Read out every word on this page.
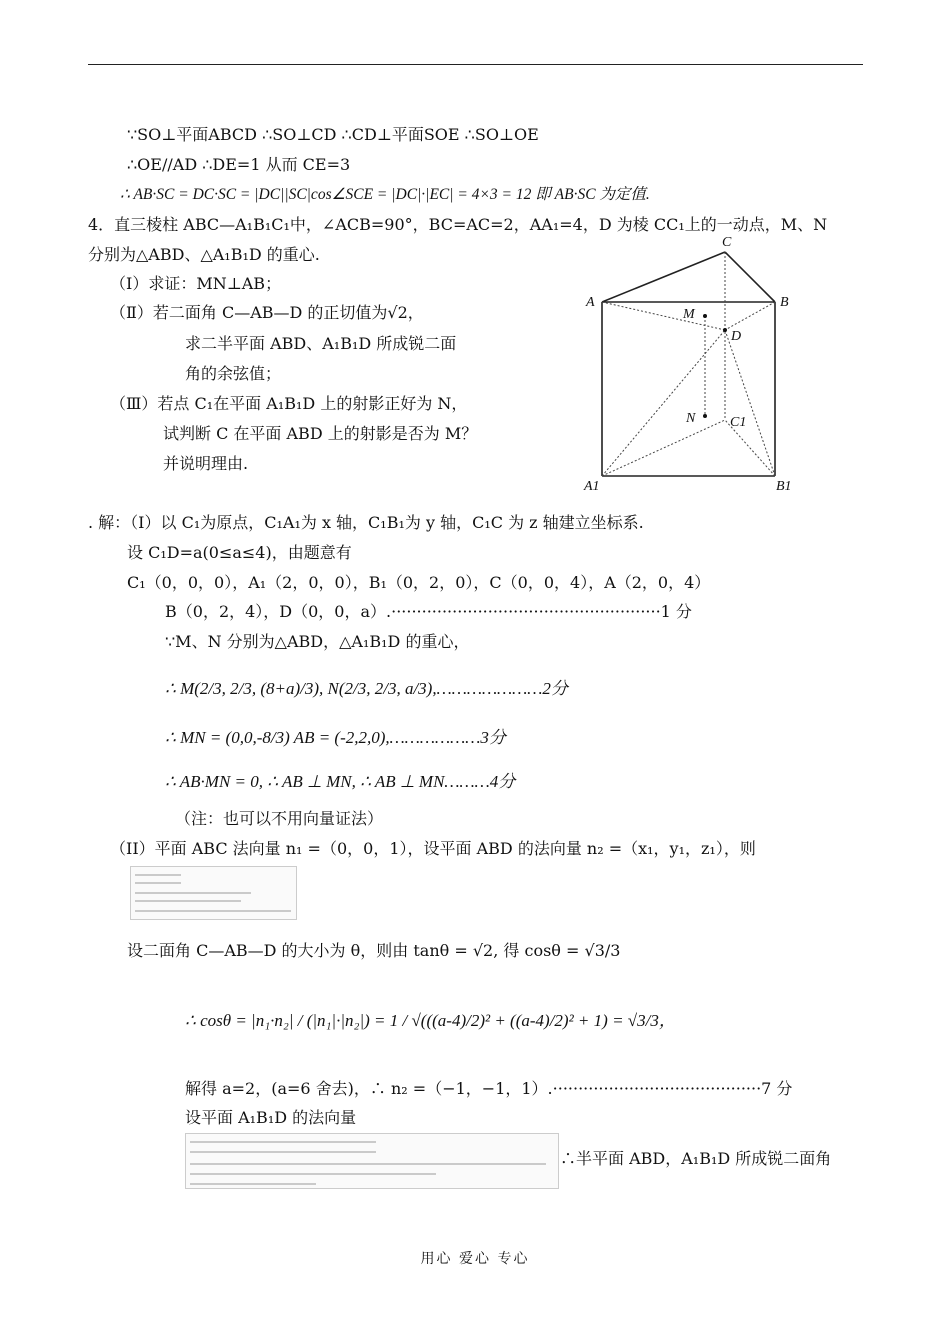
∵SO⊥平面ABCD ∴SO⊥CD ∴CD⊥平面SOE ∴SO⊥OE
∴OE//AD ∴DE=1 从而 CE=3
∴ AB·SC = DC·SC = |DC||SC|cos∠SCE = |DC|·|EC| = 4×3 = 12 即 AB·SC 为定值.
4．直三棱柱 ABC—A₁B₁C₁中，∠ACB=90°，BC=AC=2，AA₁=4，D 为棱 CC₁上的一动点，M、N
分别为△ABD、△A₁B₁D 的重心.
（Ⅰ）求证：MN⊥AB；
（Ⅱ）若二面角 C—AB—D 的正切值为√2，
求二半平面 ABD、A₁B₁D 所成锐二面
角的余弦值；
（Ⅲ）若点 C₁在平面 A₁B₁D 上的射影正好为 N，
试判断 C 在平面 ABD 上的射影是否为 M？
并说明理由.
C
A	B
M
D
N C1
A1	B1
. 解：（I）以 C₁为原点，C₁A₁为 x 轴，C₁B₁为 y 轴，C₁C 为 z 轴建立坐标系.
设 C₁D=a(0≤a≤4)，由题意有
C₁（0，0，0），A₁（2，0，0），B₁（0，2，0），C（0，0，4），A（2，0，4）
B（0，2，4），D（0，0，a）.·····················································1 分
∵M、N 分别为△ABD，△A₁B₁D 的重心，
∴ M(2/3, 2/3, (8+a)/3), N(2/3, 2/3, a/3),…………………2分
∴ MN = (0,0,-8/3) AB = (-2,2,0),………………3分
∴ AB·MN = 0, ∴ AB ⊥ MN, ∴ AB ⊥ MN………4分
（注：也可以不用向量证法）
（II）平面 ABC 法向量 n₁ =（0，0，1），设平面 ABD 的法向量 n₂ =（x₁，y₁，z₁），则
设二面角 C—AB—D 的大小为 θ，则由 tanθ = √2, 得 cosθ = √3/3
∴ cosθ = |n₁·n₂| / (|n₁|·|n₂|) = 1 / √(((a-4)/2)² + ((a-4)/2)² + 1) = √3/3，
解得 a=2，(a=6 舍去)，∴ n₂ =（−1，−1，1）.·········································7 分
设平面 A₁B₁D 的法向量
∴半平面 ABD，A₁B₁D 所成锐二面角
用心 爱心 专心
